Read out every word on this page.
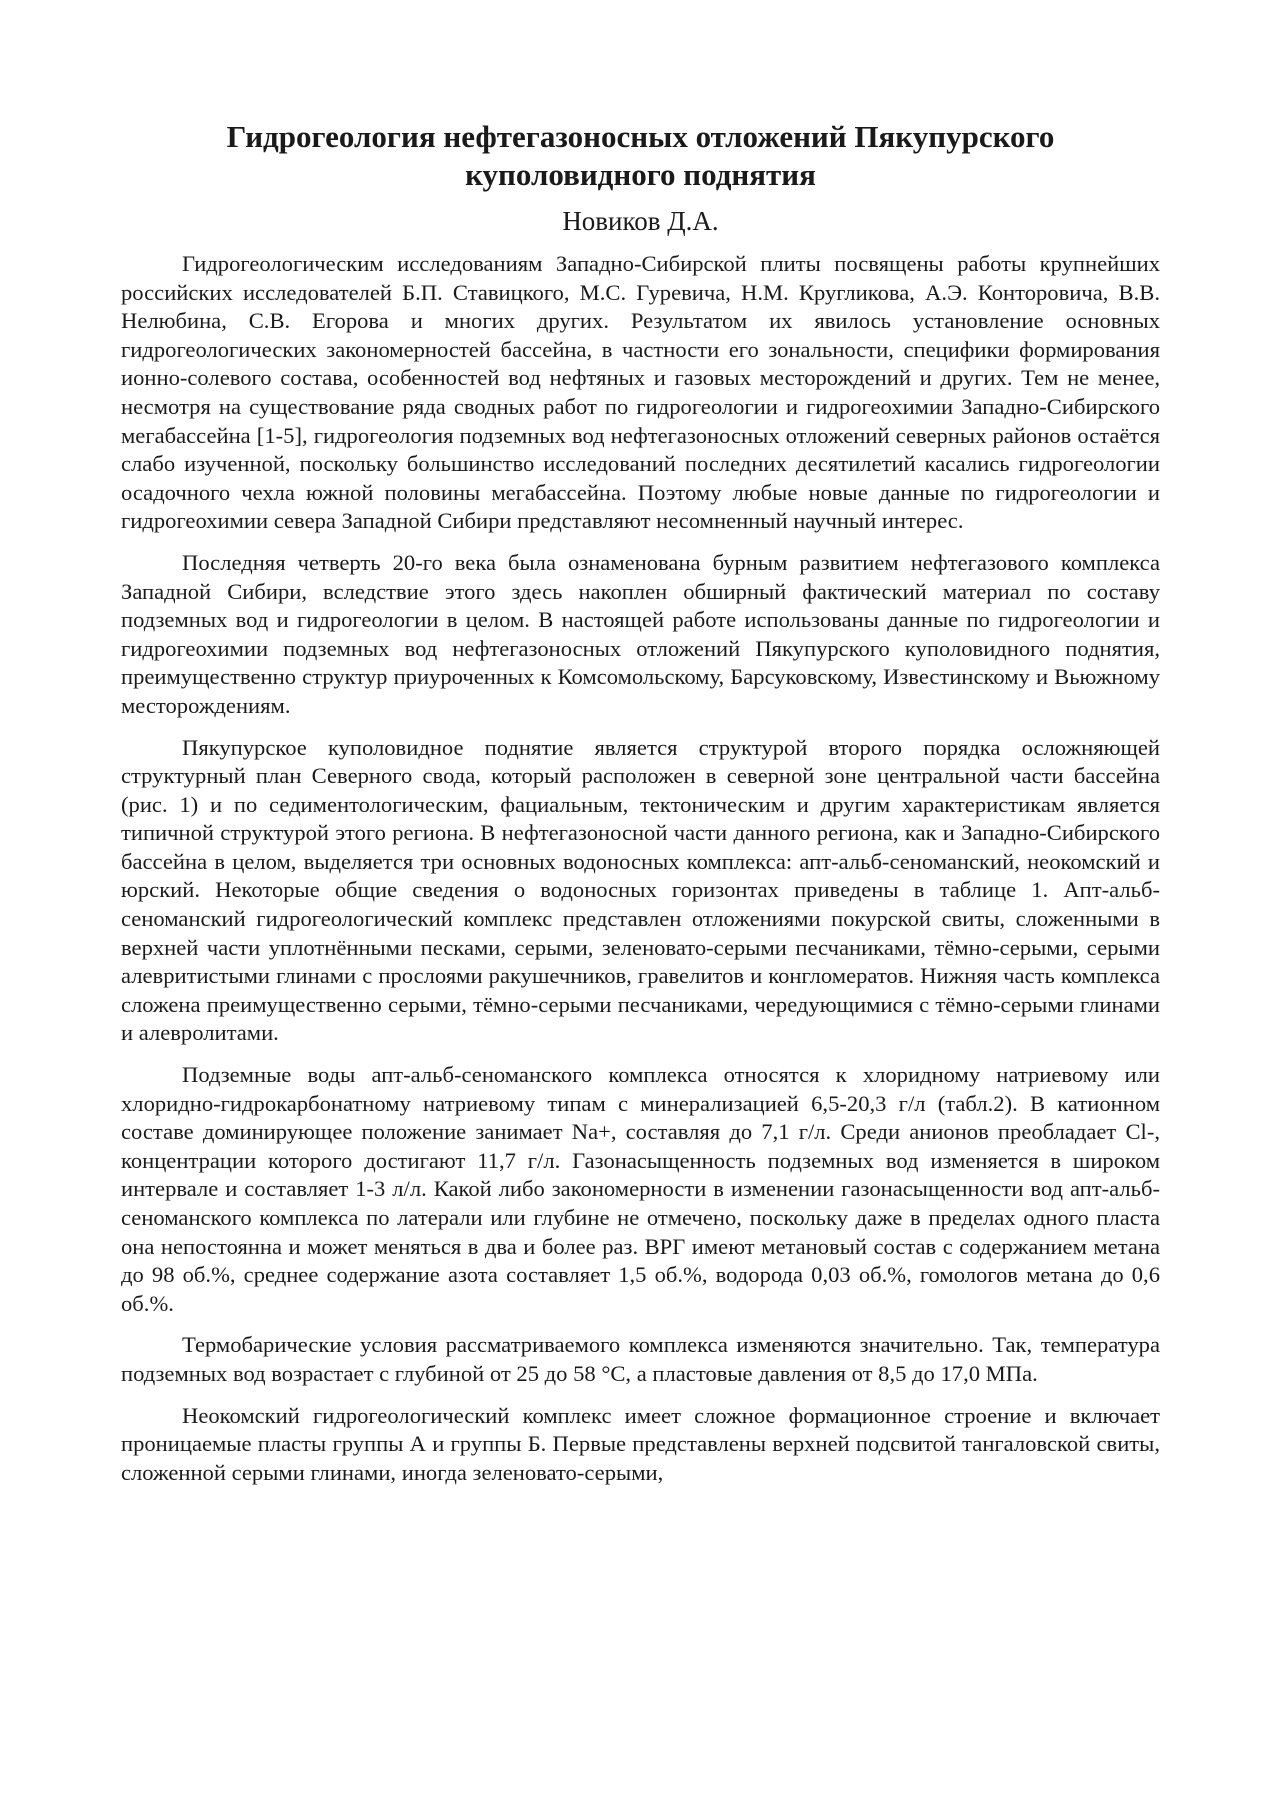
Гидрогеология нефтегазоносных отложений Пякупурского куполовидного поднятия
Новиков Д.А.

Гидрогеологическим исследованиям Западно-Сибирской плиты посвящены работы крупнейших российских исследователей Б.П. Ставицкого, М.С. Гуревича, Н.М. Кругликова, А.Э. Конторовича, В.В. Нелюбина, С.В. Егорова и многих других. Результатом их явилось установление основных гидрогеологических закономерностей бассейна, в частности его зональности, специфики формирования ионно-солевого состава, особенностей вод нефтяных и газовых месторождений и других. Тем не менее, несмотря на существование ряда сводных работ по гидрогеологии и гидрогеохимии Западно-Сибирского мегабассейна [1-5], гидрогеология подземных вод нефтегазоносных отложений северных районов остаётся слабо изученной, поскольку большинство исследований последних десятилетий касались гидрогеологии осадочного чехла южной половины мегабассейна. Поэтому любые новые данные по гидрогеологии и гидрогеохимии севера Западной Сибири представляют несомненный научный интерес.

Последняя четверть 20-го века была ознаменована бурным развитием нефтегазового комплекса Западной Сибири, вследствие этого здесь накоплен обширный фактический материал по составу подземных вод и гидрогеологии в целом. В настоящей работе использованы данные по гидрогеологии и гидрогеохимии подземных вод нефтегазоносных отложений Пякупурского куполовидного поднятия, преимущественно структур приуроченных к Комсомольскому, Барсуковскому, Известинскому и Вьюжному месторождениям.

Пякупурское куполовидное поднятие является структурой второго порядка осложняющей структурный план Северного свода, который расположен в северной зоне центральной части бассейна (рис. 1) и по седиментологическим, фациальным, тектоническим и другим характеристикам является типичной структурой этого региона. В нефтегазоносной части данного региона, как и Западно-Сибирского бассейна в целом, выделяется три основных водоносных комплекса: апт-альб-сеноманский, неокомский и юрский. Некоторые общие сведения о водоносных горизонтах приведены в таблице 1. Апт-альб-сеноманский гидрогеологический комплекс представлен отложениями покурской свиты, сложенными в верхней части уплотнёнными песками, серыми, зеленовато-серыми песчаниками, тёмно-серыми, серыми алевритистыми глинами с прослоями ракушечников, гравелитов и конгломератов. Нижняя часть комплекса сложена преимущественно серыми, тёмно-серыми песчаниками, чередующимися с тёмно-серыми глинами и алевролитами.

Подземные воды апт-альб-сеноманского комплекса относятся к хлоридному натриевому или хлоридно-гидрокарбонатному натриевому типам с минерализацией 6,5-20,3 г/л (табл.2). В катионном составе доминирующее положение занимает Na+, составляя до 7,1 г/л. Среди анионов преобладает Cl-, концентрации которого достигают 11,7 г/л. Газонасыщенность подземных вод изменяется в широком интервале и составляет 1-3 л/л. Какой либо закономерности в изменении газонасыщенности вод апт-альб-сеноманского комплекса по латерали или глубине не отмечено, поскольку даже в пределах одного пласта она непостоянна и может меняться в два и более раз. ВРГ имеют метановый состав с содержанием метана до 98 об.%, среднее содержание азота составляет 1,5 об.%, водорода 0,03 об.%, гомологов метана до 0,6 об.%.

Термобарические условия рассматриваемого комплекса изменяются значительно. Так, температура подземных вод возрастает с глубиной от 25 до 58 °С, а пластовые давления от 8,5 до 17,0 МПа.

Неокомский гидрогеологический комплекс имеет сложное формационное строение и включает проницаемые пласты группы А и группы Б. Первые представлены верхней подсвитой тангаловской свиты, сложенной серыми глинами, иногда зеленовато-серыми,
